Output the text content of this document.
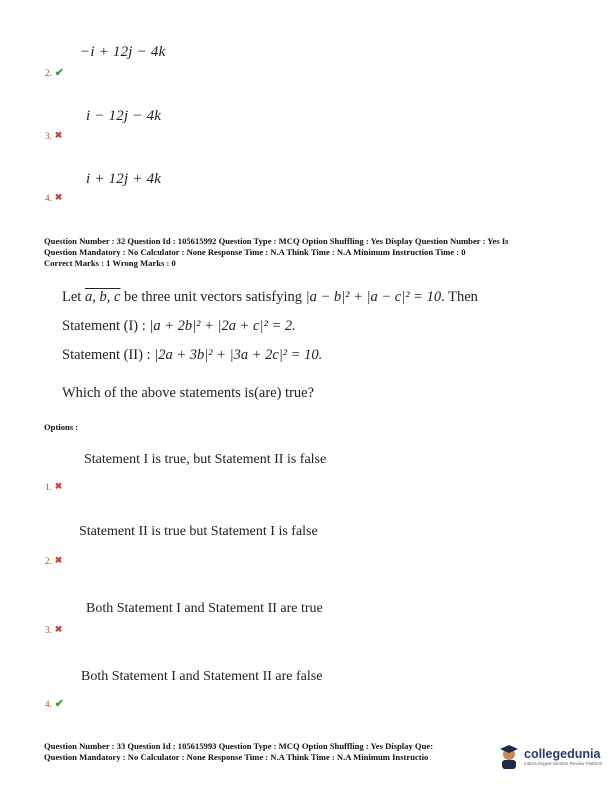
−i + 12j − 4k
2. ✔
i − 12j − 4k
3. ✖
i + 12j + 4k
4. ✖
Question Number : 32 Question Id : 105615992 Question Type : MCQ Option Shuffling : Yes Display Question Number : Yes Is
Question Mandatory : No Calculator : None Response Time : N.A Think Time : N.A Minimum Instruction Time : 0
Correct Marks : 1 Wrong Marks : 0
Let a, b, c be three unit vectors satisfying |a − b|² + |a − c|² = 10. Then
Statement (I) : |a + 2b|² + |2a + c|² = 2.
Statement (II) : |2a + 3b|² + |3a + 2c|² = 10.
Which of the above statements is(are) true?
Options :
Statement I is true, but Statement II is false
1. ✖
Statement II is true but Statement I is false
2. ✖
Both Statement I and Statement II are true
3. ✖
Both Statement I and Statement II are false
4. ✔
Question Number : 33 Question Id : 105615993 Question Type : MCQ Option Shuffling : Yes Display Que:
Question Mandatory : No Calculator : None Response Time : N.A Think Time : N.A Minimum Instructio	collegedunia
India's largest Student Review Platform
